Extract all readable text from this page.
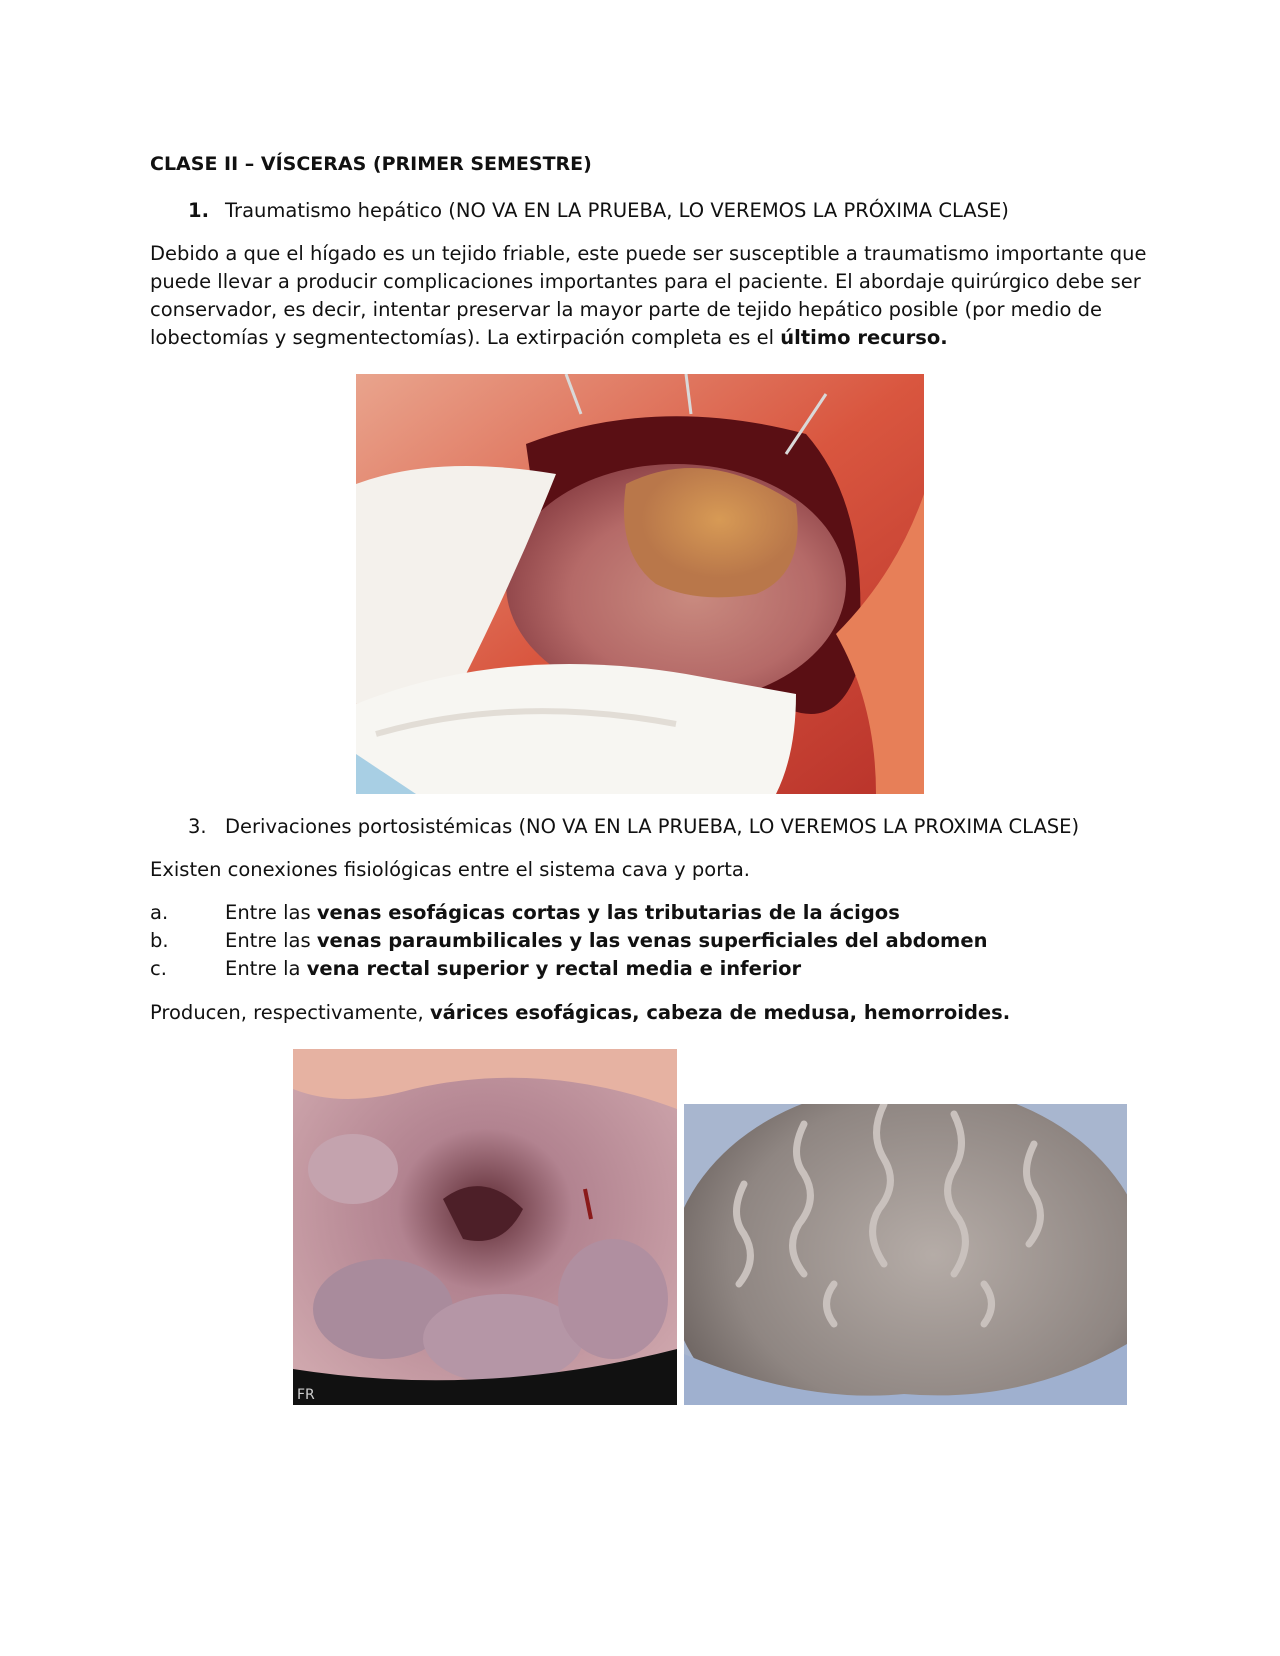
CLASE II – VÍSCERAS (PRIMER SEMESTRE)
1. Traumatismo hepático (NO VA EN LA PRUEBA, LO VEREMOS LA PRÓXIMA CLASE)
Debido a que el hígado es un tejido friable, este puede ser susceptible a traumatismo importante que
puede llevar a producir complicaciones importantes para el paciente. El abordaje quirúrgico debe ser
conservador, es decir, intentar preservar la mayor parte de tejido hepático posible (por medio de
lobectomías y segmentectomías). La extirpación completa es el último recurso.
3. Derivaciones portosistémicas (NO VA EN LA PRUEBA, LO VEREMOS LA PROXIMA CLASE)
Existen conexiones fisiológicas entre el sistema cava y porta.
a.	Entre las venas esofágicas cortas y las tributarias de la ácigos
b.	Entre las venas paraumbilicales y las venas superficiales del abdomen
c.	Entre la vena rectal superior y rectal media e inferior
Producen, respectivamente, várices esofágicas, cabeza de medusa, hemorroides.
FR
